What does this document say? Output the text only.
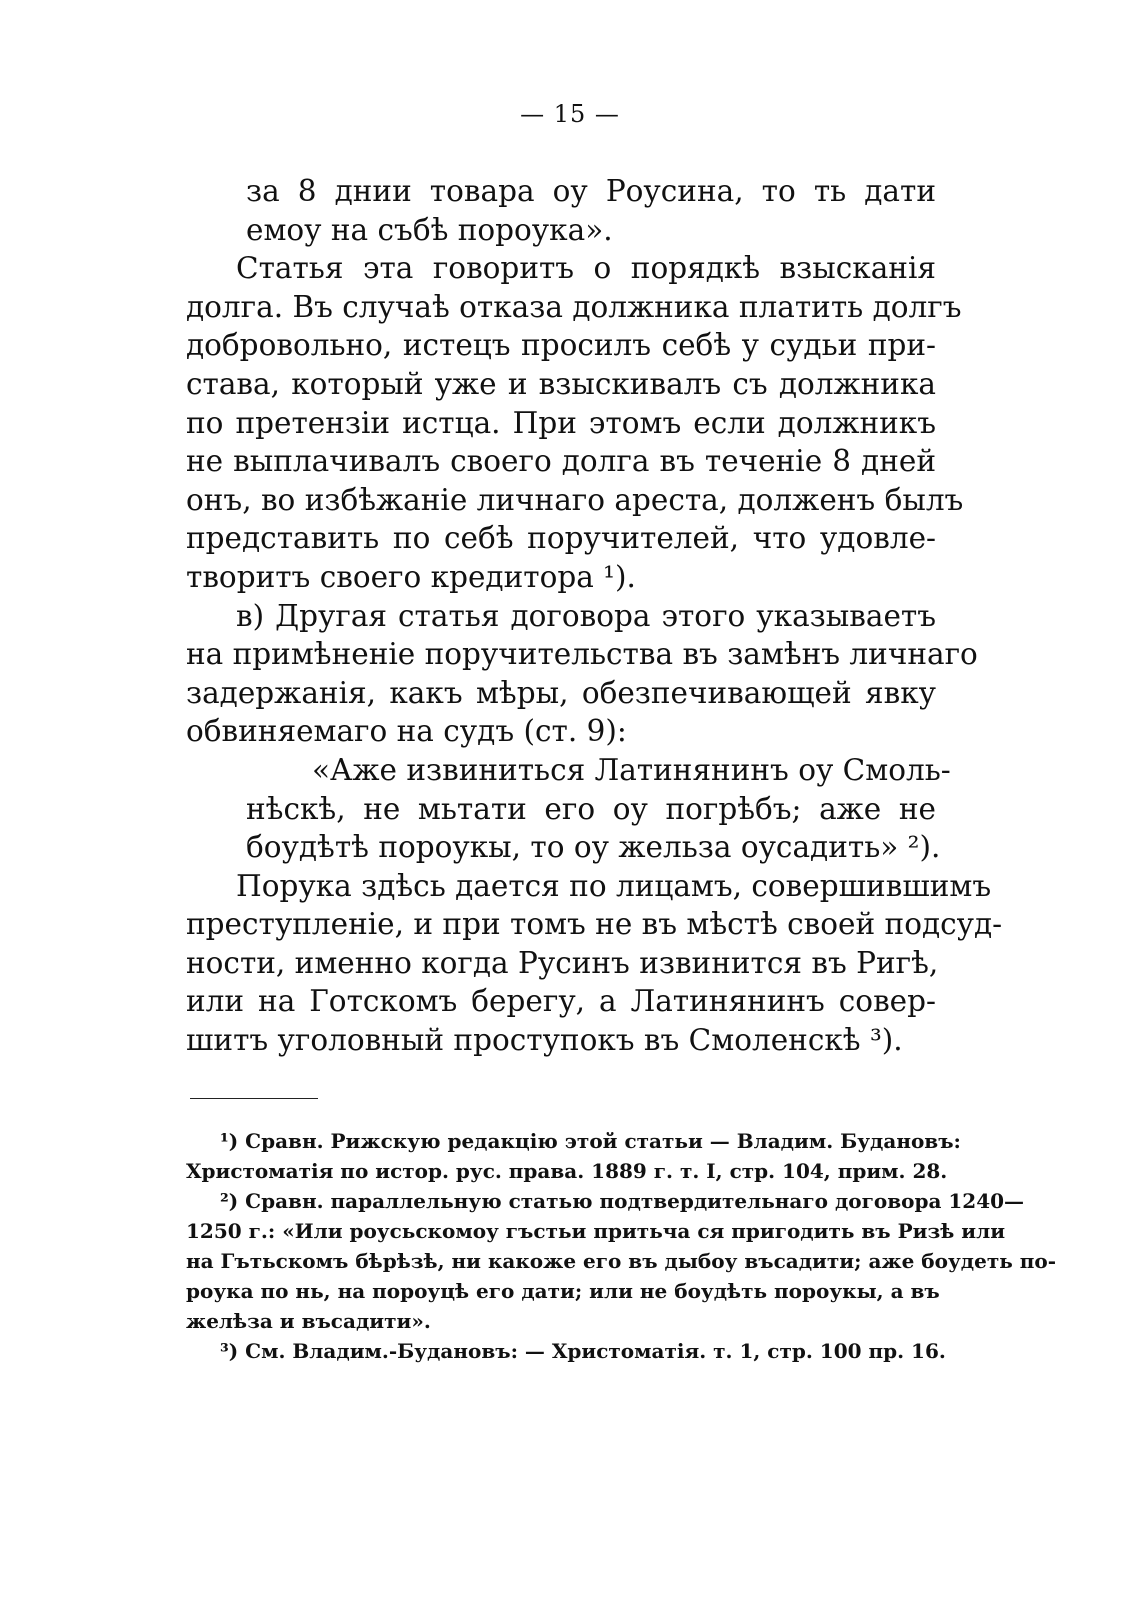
— 15 —
за 8 днии товара оу Роусина, то ть дати
емоу на събѣ пороука».
Статья эта говоритъ о порядкѣ взысканія
долга. Въ случаѣ отказа должника платить долгъ
добровольно, истецъ просилъ себѣ у судьи при-
става, который уже и взыскивалъ съ должника
по претензіи истца. При этомъ если должникъ
не выплачивалъ своего долга въ теченіе 8 дней
онъ, во избѣжаніе личнаго ареста, долженъ былъ
представить по себѣ поручителей, что удовле-
творитъ своего кредитора ¹).
в) Другая статья договора этого указываетъ
на примѣненіе поручительства въ замѣнъ личнаго
задержанія, какъ мѣры, обезпечивающей явку
обвиняемаго на судъ (ст. 9):
«Аже извиниться Латинянинъ оу Смоль-
нѣскѣ, не мьтати его оу погрѣбъ; аже не
боудѣтѣ пороукы, то оу жельза оусадить» ²).
Порука здѣсь дается по лицамъ, совершившимъ
преступленіе, и при томъ не въ мѣстѣ своей подсуд-
ности, именно когда Русинъ извинится въ Ригѣ,
или на Готскомъ берегу, а Латинянинъ совер-
шитъ уголовный проступокъ въ Смоленскѣ ³).
¹) Сравн. Рижскую редакцію этой статьи — Владим. Будановъ:
Христоматія по истор. рус. права. 1889 г. т. I, стр. 104, прим. 28.
²) Сравн. параллельную статью подтвердительнаго договора 1240—
1250 г.: «Или роусьскомоу гъстьи притьча ся пригодить въ Ризѣ или
на Гътьскомъ бѣрѣзѣ, ни какоже его въ дыбоу въсадити; аже боудеть по-
роука по нь, на пороуцѣ его дати; или не боудѣть пороукы, а въ
желѣза и въсадити».
³) См. Владим.-Будановъ: — Христоматія. т. 1, стр. 100 пр. 16.
